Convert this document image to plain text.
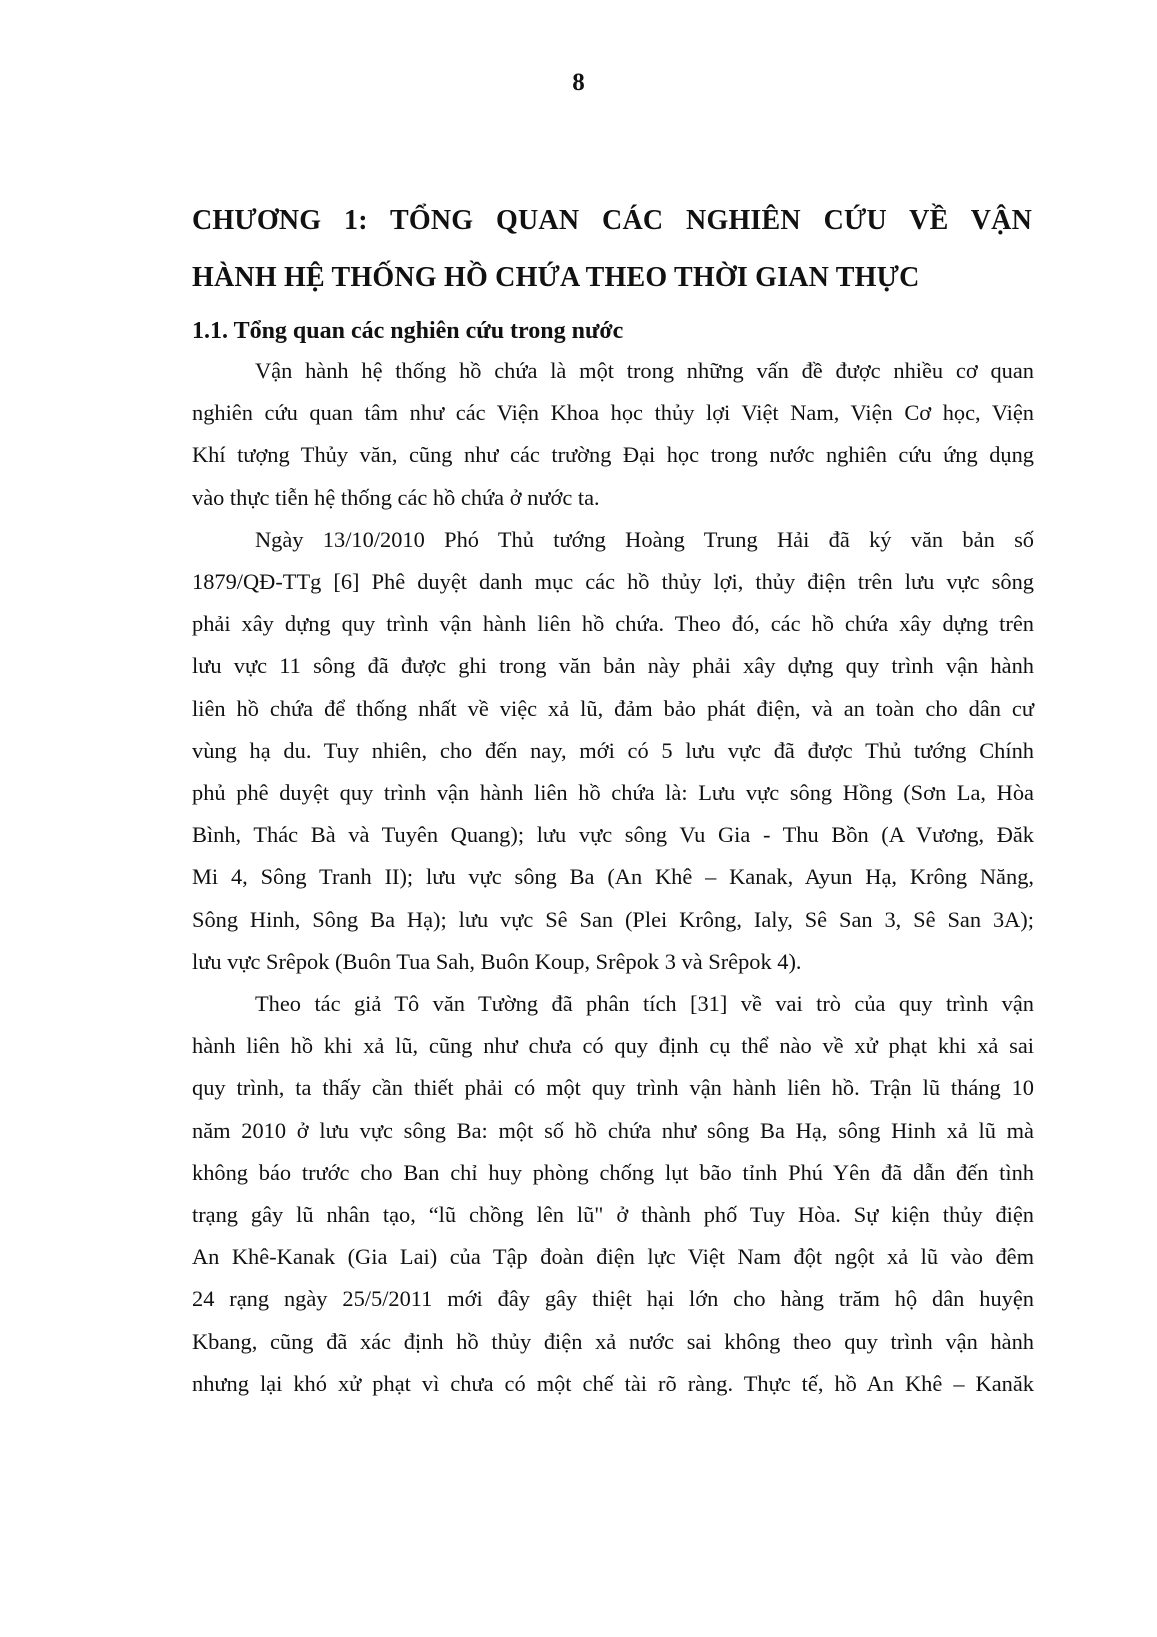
8
CHƯƠNG 1: TỔNG QUAN CÁC NGHIÊN CỨU VỀ VẬN
HÀNH HỆ THỐNG HỒ CHỨA THEO THỜI GIAN THỰC
1.1. Tổng quan các nghiên cứu trong nước

Vận hành hệ thống hồ chứa là một trong những vấn đề được nhiều cơ quan
nghiên cứu quan tâm như các Viện Khoa học thủy lợi Việt Nam, Viện Cơ học, Viện
Khí tượng Thủy văn, cũng như các trường Đại học trong nước nghiên cứu ứng dụng
vào thực tiễn hệ thống các hồ chứa ở nước ta.

Ngày 13/10/2010 Phó Thủ tướng Hoàng Trung Hải đã ký văn bản số
1879/QĐ-TTg [6] Phê duyệt danh mục các hồ thủy lợi, thủy điện trên lưu vực sông
phải xây dựng quy trình vận hành liên hồ chứa. Theo đó, các hồ chứa xây dựng trên
lưu vực 11 sông đã được ghi trong văn bản này phải xây dựng quy trình vận hành
liên hồ chứa để thống nhất về việc xả lũ, đảm bảo phát điện, và an toàn cho dân cư
vùng hạ du. Tuy nhiên, cho đến nay, mới có 5 lưu vực đã được Thủ tướng Chính
phủ phê duyệt quy trình vận hành liên hồ chứa là: Lưu vực sông Hồng (Sơn La, Hòa
Bình, Thác Bà và Tuyên Quang); lưu vực sông Vu Gia - Thu Bồn (A Vương, Đăk
Mi 4, Sông Tranh II); lưu vực sông Ba (An Khê – Kanak, Ayun Hạ, Krông Năng,
Sông Hinh, Sông Ba Hạ); lưu vực Sê San (Plei Krông, Ialy, Sê San 3, Sê San 3A);
lưu vực Srêpok (Buôn Tua Sah, Buôn Koup, Srêpok 3 và Srêpok 4).

Theo tác giả Tô văn Tường đã phân tích [31] về vai trò của quy trình vận
hành liên hồ khi xả lũ, cũng như chưa có quy định cụ thể nào về xử phạt khi xả sai
quy trình, ta thấy cần thiết phải có một quy trình vận hành liên hồ. Trận lũ tháng 10
năm 2010 ở lưu vực sông Ba: một số hồ chứa như sông Ba Hạ, sông Hinh xả lũ mà
không báo trước cho Ban chỉ huy phòng chống lụt bão tỉnh Phú Yên đã dẫn đến tình
trạng gây lũ nhân tạo, “lũ chồng lên lũ" ở thành phố Tuy Hòa. Sự kiện thủy điện
An Khê-Kanak (Gia Lai) của Tập đoàn điện lực Việt Nam đột ngột xả lũ vào đêm
24 rạng ngày 25/5/2011 mới đây gây thiệt hại lớn cho hàng trăm hộ dân huyện
Kbang, cũng đã xác định hồ thủy điện xả nước sai không theo quy trình vận hành
nhưng lại khó xử phạt vì chưa có một chế tài rõ ràng. Thực tế, hồ An Khê – Kanăk
